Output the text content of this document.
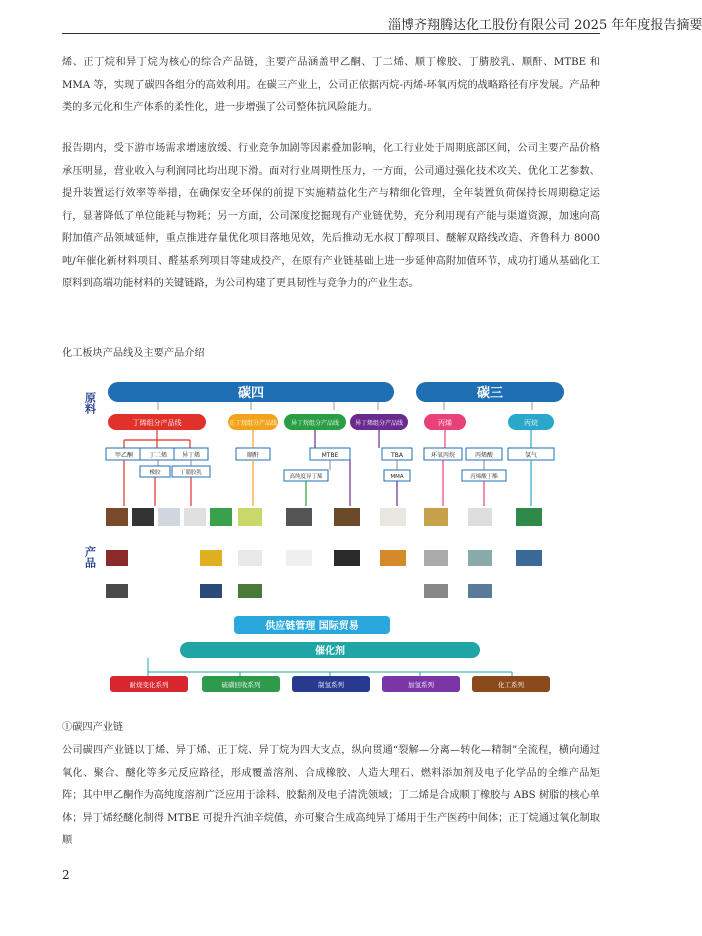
淄博齐翔腾达化工股份有限公司 2025 年年度报告摘要

烯、正丁烷和异丁烷为核心的综合产品链，主要产品涵盖甲乙酮、丁二烯、顺丁橡胶、丁腈胶乳、顺酐、MTBE 和 MMA 等，实现了碳四各组分的高效利用。在碳三产业上，公司正依据丙烷-丙烯-环氧丙烷的战略路径有序发展。产品种类的多元化和生产体系的柔性化，进一步增强了公司整体抗风险能力。

报告期内，受下游市场需求增速放缓、行业竞争加剧等因素叠加影响，化工行业处于周期底部区间，公司主要产品价格承压明显，营业收入与利润同比均出现下滑。面对行业周期性压力，一方面，公司通过强化技术攻关、优化工艺参数、提升装置运行效率等举措，在确保安全环保的前提下实施精益化生产与精细化管理，全年装置负荷保持长周期稳定运行，显著降低了单位能耗与物耗；另一方面，公司深度挖掘现有产业链优势，充分利用现有产能与渠道资源，加速向高附加值产品领域延伸，重点推进存量优化项目落地见效，先后推动无水叔丁醇项目、醚解双路线改造、齐鲁科力 8000 吨/年催化新材料项目、醛基系列项目等建成投产，在原有产业链基础上进一步延伸高附加值环节，成功打通从基础化工原料到高端功能材料的关键链路，为公司构建了更具韧性与竞争力的产业生态。

化工板块产品线及主要产品介绍
原料
产品
碳四	碳三
丁烯组分产品线	正丁烷组分产品线 异丁烷组分产品线	异丁烯组分产品线	丙烯	丙烷
甲乙酮	丁二烯 异丁烯	顺酐	MTBE	TBA	环氧丙烷	丙烯酸	氢气
橡胶	丁腈胶乳
高纯度异丁烯	MMA	丙烯酸丁酯
供应链管理 国际贸易
催化剂
耐烧变化系列	硫磺回收系列	制氢系列	加氢系列	化工系列
①碳四产业链

公司碳四产业链以丁烯、异丁烯、正丁烷、异丁烷为四大支点，纵向贯通“裂解—分离—转化—精制”全流程，横向通过氧化、聚合、醚化等多元反应路径，形成覆盖溶剂、合成橡胶、人造大理石、燃料添加剂及电子化学品的全维产品矩阵；其中甲乙酮作为高纯度溶剂广泛应用于涂料、胶黏剂及电子清洗领域；丁二烯是合成顺丁橡胶与 ABS 树脂的核心单体；异丁烯经醚化制得 MTBE 可提升汽油辛烷值，亦可聚合生成高纯异丁烯用于生产医药中间体；正丁烷通过氧化制取顺

2
